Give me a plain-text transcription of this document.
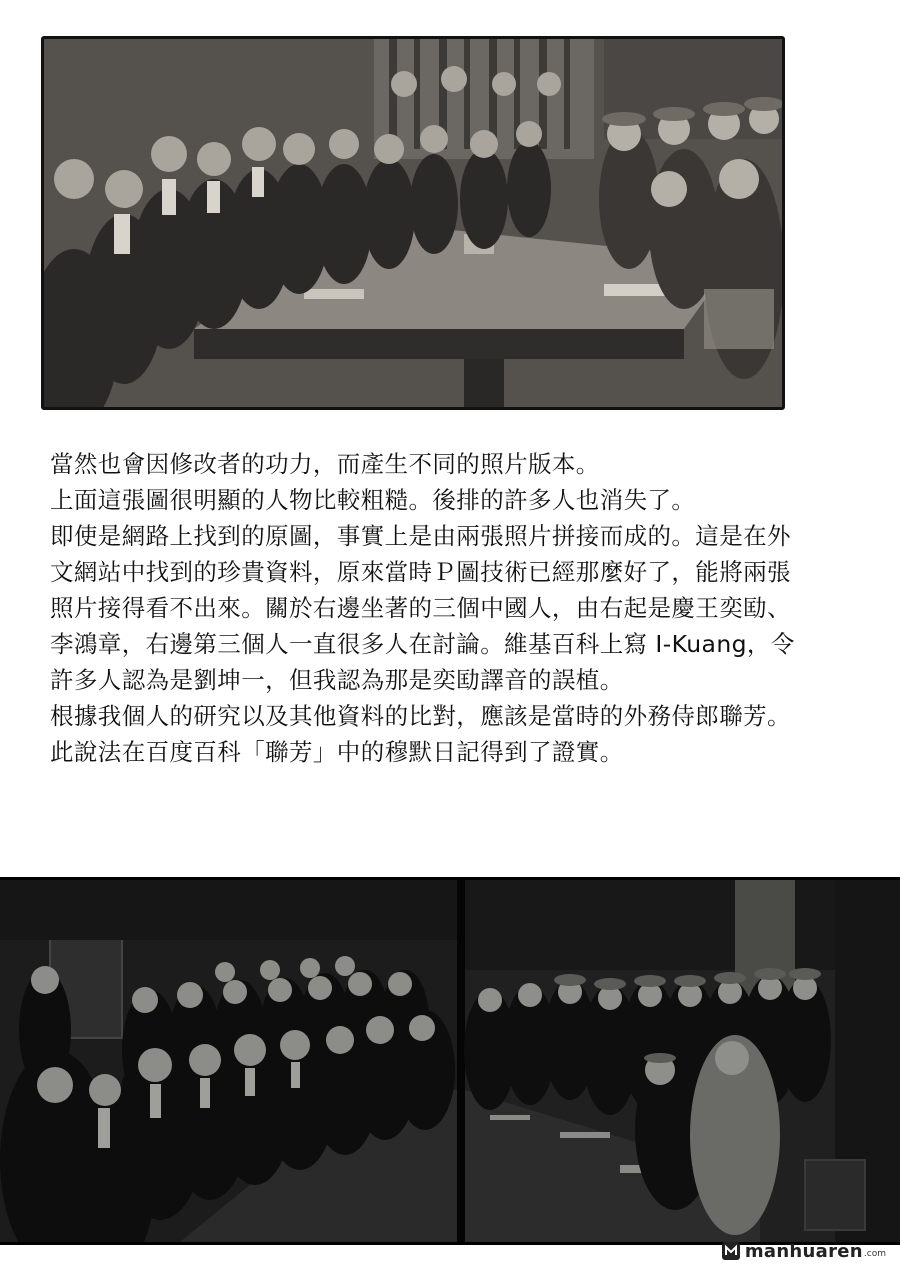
當然也會因修改者的功力，而產生不同的照片版本。

上面這張圖很明顯的人物比較粗糙。後排的許多人也消失了。

即使是網路上找到的原圖，事實上是由兩張照片拼接而成的。這是在外

文網站中找到的珍貴資料，原來當時Ｐ圖技術已經那麼好了，能將兩張

照片接得看不出來。關於右邊坐著的三個中國人，由右起是慶王奕劻、

李鴻章，右邊第三個人一直很多人在討論。維基百科上寫 I-Kuang，令

許多人認為是劉坤一，但我認為那是奕劻譯音的誤植。

根據我個人的研究以及其他資料的比對，應該是當時的外務侍郎聯芳。

此說法在百度百科「聯芳」中的穆默日記得到了證實。

manhuaren .com
